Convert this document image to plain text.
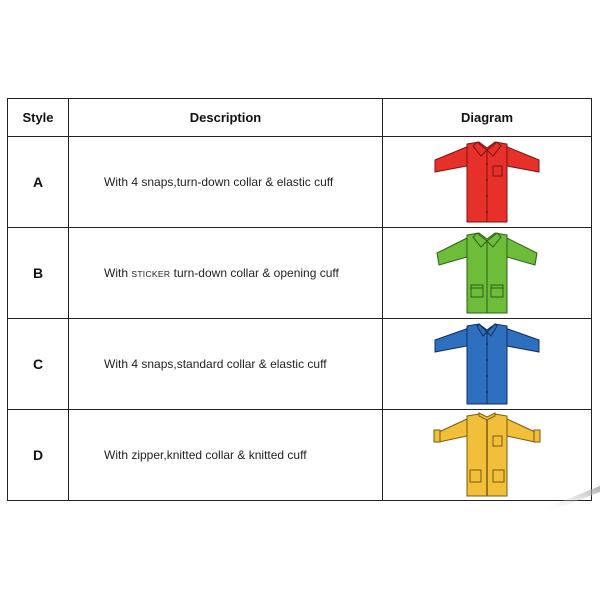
Style	Description	Diagram
A	With 4 snaps,turn-down collar & elastic cuff	

B	With STICKER turn-down collar & opening cuff	

C	With 4 snaps,standard collar & elastic cuff	

D	With zipper,knitted collar & knitted cuff	
